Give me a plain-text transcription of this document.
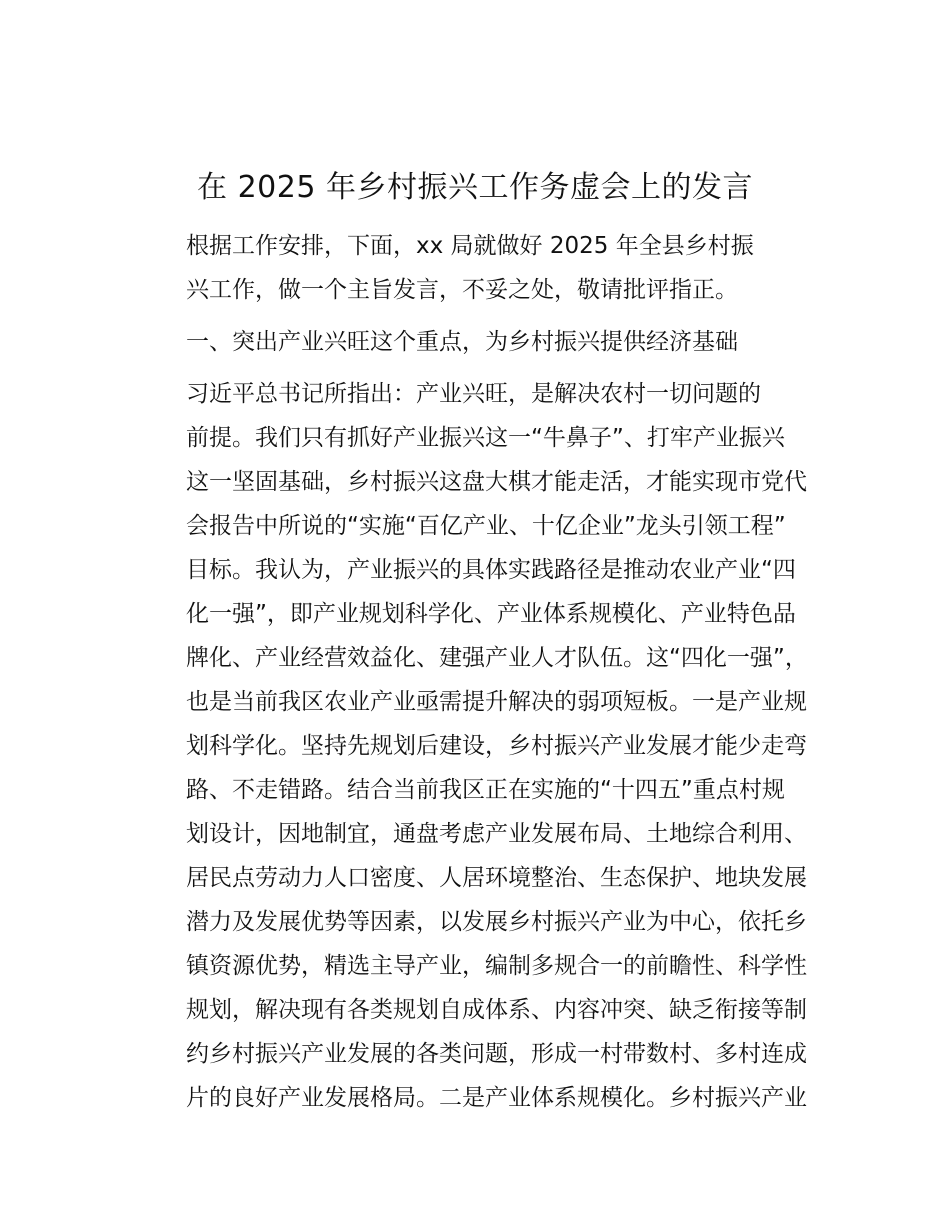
在 2025 年乡村振兴工作务虚会上的发言

根据工作安排，下面，xx 局就做好 2025 年全县乡村振
兴工作，做一个主旨发言，不妥之处，敬请批评指正。

一、突出产业兴旺这个重点，为乡村振兴提供经济基础

习近平总书记所指出：产业兴旺，是解决农村一切问题的
前提。我们只有抓好产业振兴这一“牛鼻子”、打牢产业振兴
这一坚固基础，乡村振兴这盘大棋才能走活，才能实现市党代
会报告中所说的“实施“百亿产业、十亿企业”龙头引领工程”
目标。我认为，产业振兴的具体实践路径是推动农业产业“四
化一强”，即产业规划科学化、产业体系规模化、产业特色品
牌化、产业经营效益化、建强产业人才队伍。这“四化一强”，
也是当前我区农业产业亟需提升解决的弱项短板。一是产业规
划科学化。坚持先规划后建设，乡村振兴产业发展才能少走弯
路、不走错路。结合当前我区正在实施的“十四五”重点村规
划设计，因地制宜，通盘考虑产业发展布局、土地综合利用、
居民点劳动力人口密度、人居环境整治、生态保护、地块发展
潜力及发展优势等因素，以发展乡村振兴产业为中心，依托乡
镇资源优势，精选主导产业，编制多规合一的前瞻性、科学性
规划，解决现有各类规划自成体系、内容冲突、缺乏衔接等制
约乡村振兴产业发展的各类问题，形成一村带数村、多村连成
片的良好产业发展格局。二是产业体系规模化。乡村振兴产业
